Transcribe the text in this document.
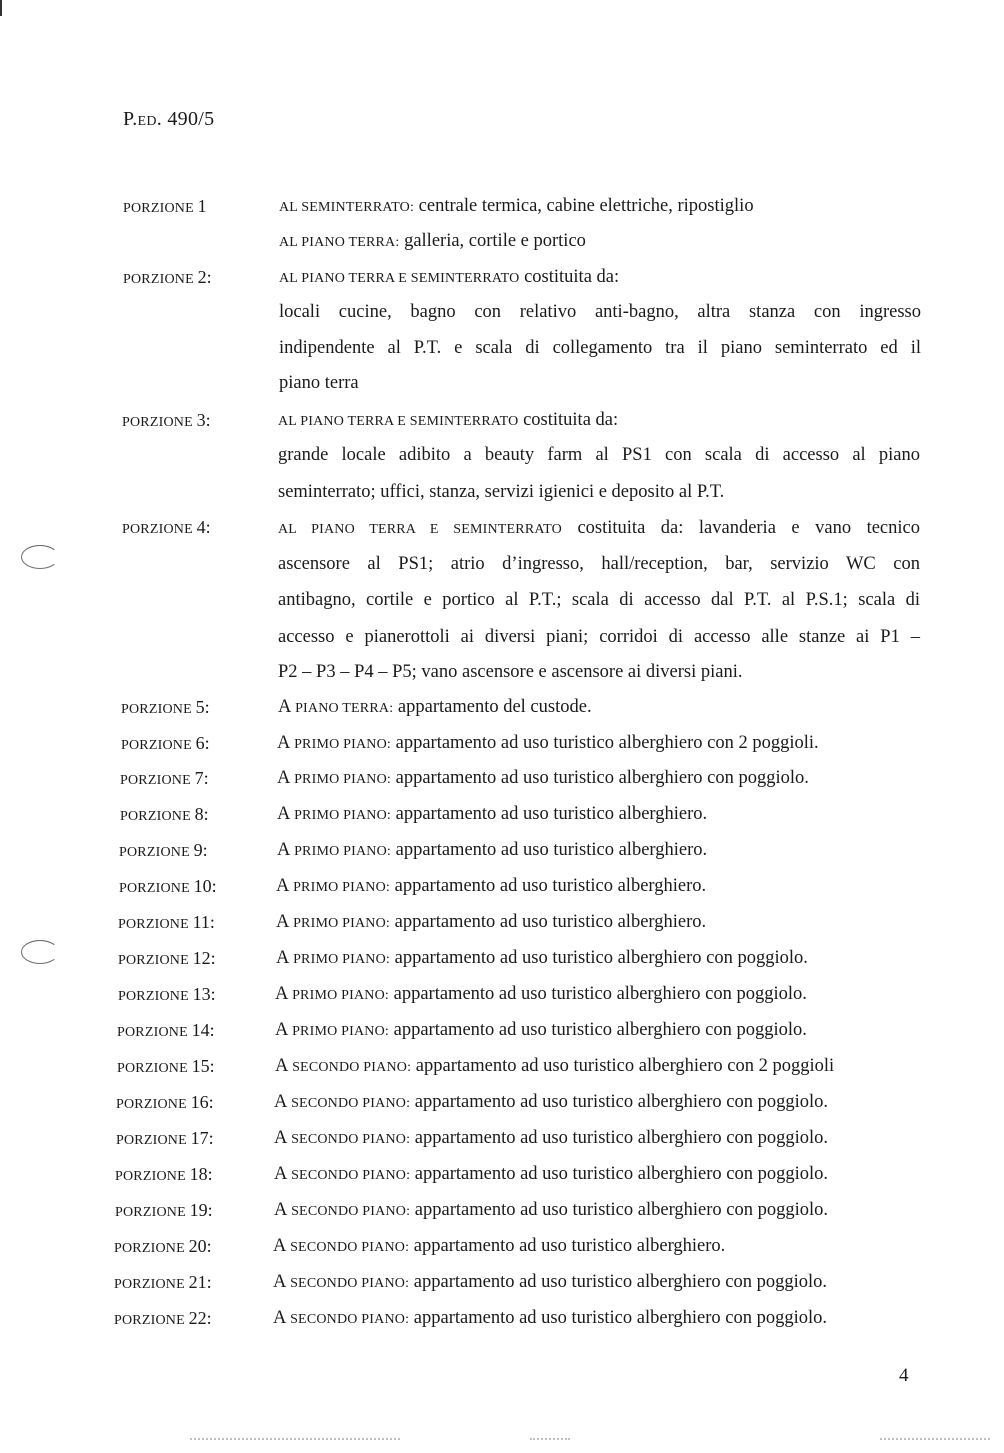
P.ED. 490/5
PORZIONE 1	AL SEMINTERRATO: centrale termica, cabine elettriche, ripostiglio
AL PIANO TERRA: galleria, cortile e portico
PORZIONE 2:	AL PIANO TERRA E SEMINTERRATO costituita da:
locali cucine, bagno con relativo anti-bagno, altra stanza con ingresso
indipendente al P.T. e scala di collegamento tra il piano seminterrato ed il
piano terra
PORZIONE 3:	AL PIANO TERRA E SEMINTERRATO costituita da:
grande locale adibito a beauty farm al PS1 con scala di accesso al piano
seminterrato; uffici, stanza, servizi igienici e deposito al P.T.
PORZIONE 4:	AL PIANO TERRA E SEMINTERRATO costituita da: lavanderia e vano tecnico
ascensore al PS1; atrio d’ingresso, hall/reception, bar, servizio WC con
antibagno, cortile e portico al P.T.; scala di accesso dal P.T. al P.S.1; scala di
accesso e pianerottoli ai diversi piani; corridoi di accesso alle stanze ai P1 –
P2 – P3 – P4 – P5; vano ascensore e ascensore ai diversi piani.
PORZIONE 5:	A PIANO TERRA: appartamento del custode.
PORZIONE 6:	A PRIMO PIANO: appartamento ad uso turistico alberghiero con 2 poggioli.
PORZIONE 7:	A PRIMO PIANO: appartamento ad uso turistico alberghiero con poggiolo.
PORZIONE 8:	A PRIMO PIANO: appartamento ad uso turistico alberghiero.
PORZIONE 9:	A PRIMO PIANO: appartamento ad uso turistico alberghiero.
PORZIONE 10:	A PRIMO PIANO: appartamento ad uso turistico alberghiero.
PORZIONE 11:	A PRIMO PIANO: appartamento ad uso turistico alberghiero.
PORZIONE 12:	A PRIMO PIANO: appartamento ad uso turistico alberghiero con poggiolo.
PORZIONE 13:	A PRIMO PIANO: appartamento ad uso turistico alberghiero con poggiolo.
PORZIONE 14:	A PRIMO PIANO: appartamento ad uso turistico alberghiero con poggiolo.
PORZIONE 15:	A SECONDO PIANO: appartamento ad uso turistico alberghiero con 2 poggioli
PORZIONE 16:	A SECONDO PIANO: appartamento ad uso turistico alberghiero con poggiolo.
PORZIONE 17:	A SECONDO PIANO: appartamento ad uso turistico alberghiero con poggiolo.
PORZIONE 18:	A SECONDO PIANO: appartamento ad uso turistico alberghiero con poggiolo.
PORZIONE 19:	A SECONDO PIANO: appartamento ad uso turistico alberghiero con poggiolo.
PORZIONE 20:	A SECONDO PIANO: appartamento ad uso turistico alberghiero.
PORZIONE 21:	A SECONDO PIANO: appartamento ad uso turistico alberghiero con poggiolo.
PORZIONE 22:	A SECONDO PIANO: appartamento ad uso turistico alberghiero con poggiolo.
4
